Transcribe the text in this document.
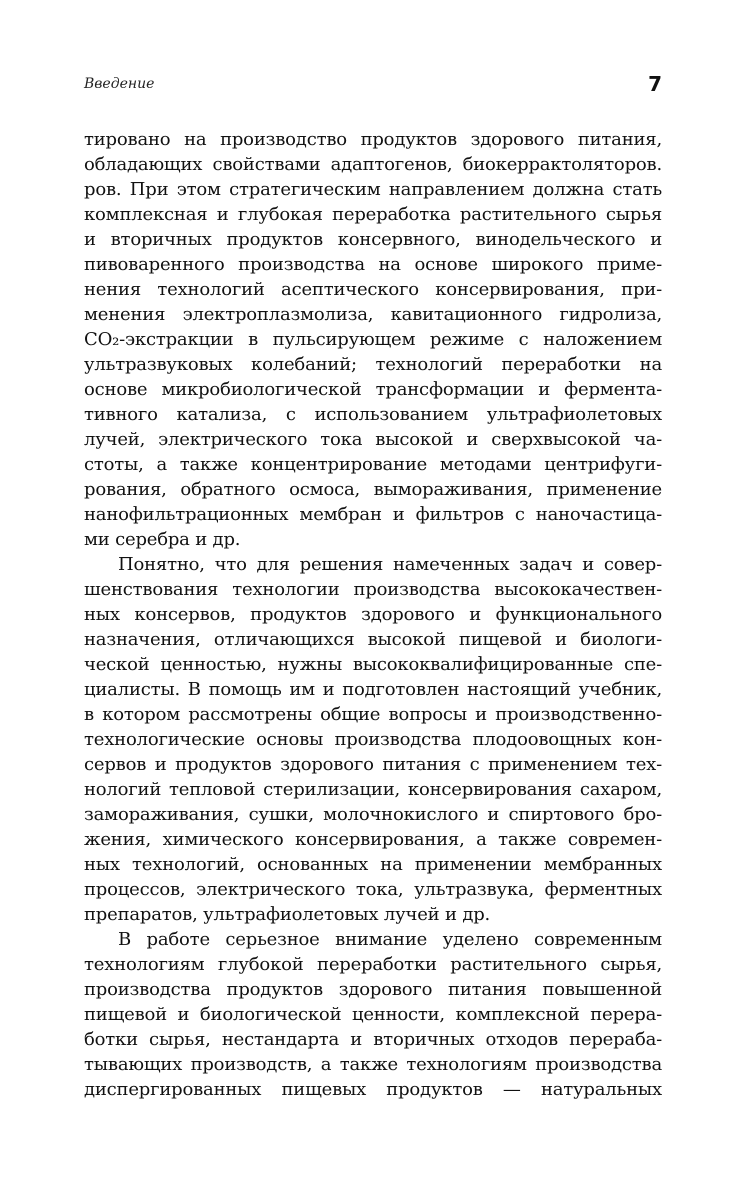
Введение	7

тировано на производство продуктов здорового питания,
обладающих свойствами адаптогенов, биокеррактоляторов.
ров. При этом стратегическим направлением должна стать
комплексная и глубокая переработка растительного сырья
и вторичных продуктов консервного, винодельческого и
пивоваренного производства на основе широкого приме-
нения технологий асептического консервирования, при-
менения электроплазмолиза, кавитационного гидролиза,
CO₂-экстракции в пульсирующем режиме с наложением
ультразвуковых колебаний; технологий переработки на
основе микробиологической трансформации и фермента-
тивного катализа, с использованием ультрафиолетовых
лучей, электрического тока высокой и сверхвысокой ча-
стоты, а также концентрирование методами центрифуги-
рования, обратного осмоса, вымораживания, применение
нанофильтрационных мембран и фильтров с наночастица-
ми серебра и др.

Понятно, что для решения намеченных задач и совер-
шенствования технологии производства высококачествен-
ных консервов, продуктов здорового и функционального
назначения, отличающихся высокой пищевой и биологи-
ческой ценностью, нужны высококвалифицированные спе-
циалисты. В помощь им и подготовлен настоящий учебник,
в котором рассмотрены общие вопросы и производственно-
технологические основы производства плодоовощных кон-
сервов и продуктов здорового питания с применением тех-
нологий тепловой стерилизации, консервирования сахаром,
замораживания, сушки, молочнокислого и спиртового бро-
жения, химического консервирования, а также современ-
ных технологий, основанных на применении мембранных
процессов, электрического тока, ультразвука, ферментных
препаратов, ультрафиолетовых лучей и др.

В работе серьезное внимание уделено современным
технологиям глубокой переработки растительного сырья,
производства продуктов здорового питания повышенной
пищевой и биологической ценности, комплексной перера-
ботки сырья, нестандарта и вторичных отходов перераба-
тывающих производств, а также технологиям производства
диспергированных пищевых продуктов — натуральных
